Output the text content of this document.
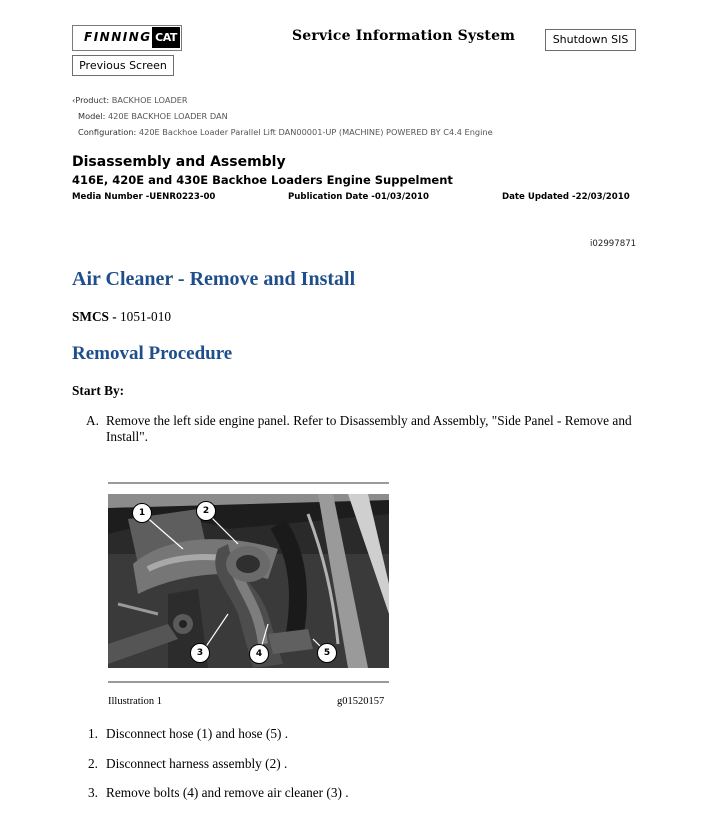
FINNING CAT	Service Information System	Shutdown SIS
Previous Screen
‹Product: BACKHOE LOADER
Model: 420E BACKHOE LOADER DAN
Configuration: 420E Backhoe Loader Parallel Lift DAN00001-UP (MACHINE) POWERED BY C4.4 Engine
Disassembly and Assembly
416E, 420E and 430E Backhoe Loaders Engine Suppelment
Media Number -UENR0223-00	Publication Date -01/03/2010	Date Updated -22/03/2010
i02997871
Air Cleaner - Remove and Install
SMCS - 1051-010
Removal Procedure
Start By:
A. Remove the left side engine panel. Refer to Disassembly and Assembly, "Side Panel - Remove and Install".
1	2
3	4	5
Illustration 1	g01520157
1. Disconnect hose (1) and hose (5) .
2. Disconnect harness assembly (2) .
3. Remove bolts (4) and remove air cleaner (3) .
